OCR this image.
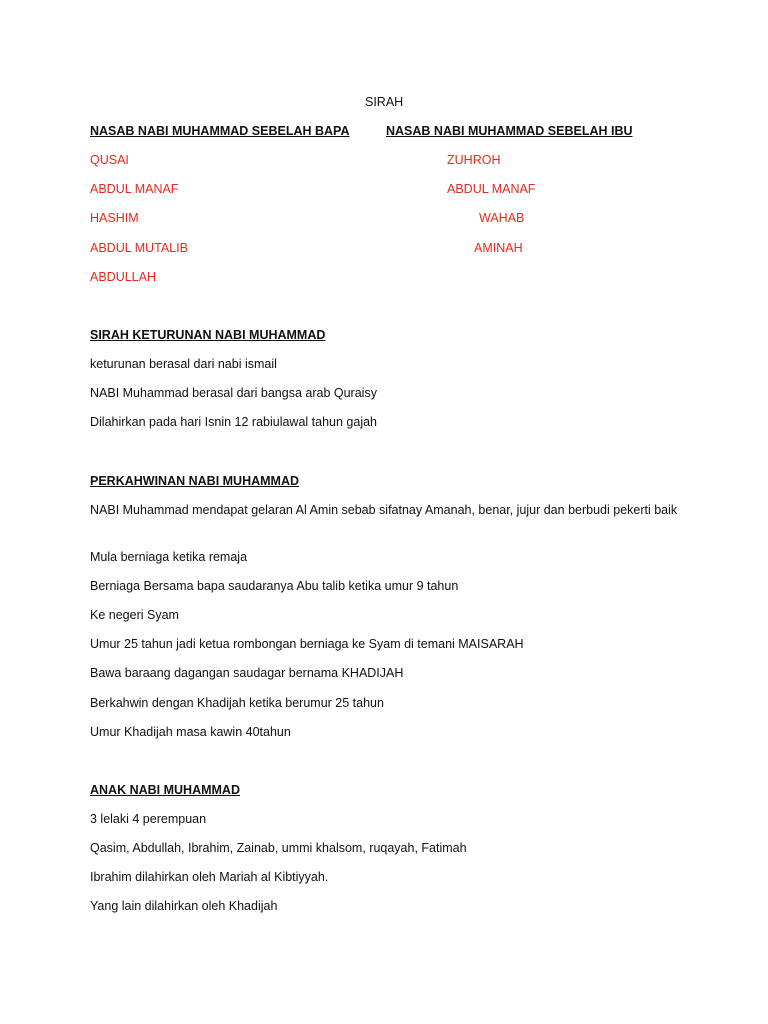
SIRAH
NASAB NABI MUHAMMAD SEBELAH BAPA	NASAB NABI MUHAMMAD SEBELAH IBU
QUSAI
ABDUL MANAF
HASHIM
ABDUL MUTALIB
ABDULLAH
ZUHROH
ABDUL MANAF
WAHAB
AMINAH
SIRAH KETURUNAN NABI MUHAMMAD
keturunan berasal dari nabi ismail
NABI Muhammad berasal dari bangsa arab Quraisy
Dilahirkan pada hari Isnin 12 rabiulawal tahun gajah
PERKAHWINAN NABI MUHAMMAD
NABI Muhammad mendapat gelaran Al Amin sebab sifatnay Amanah, benar, jujur dan berbudi pekerti baik
Mula berniaga ketika remaja
Berniaga Bersama bapa saudaranya Abu talib ketika umur 9 tahun
Ke negeri Syam
Umur 25 tahun jadi ketua rombongan berniaga ke Syam di temani MAISARAH
Bawa baraang dagangan saudagar bernama KHADIJAH
Berkahwin dengan Khadijah ketika berumur 25 tahun
Umur Khadijah masa kawin 40tahun
ANAK NABI MUHAMMAD
3 lelaki 4 perempuan
Qasim, Abdullah, Ibrahim, Zainab, ummi khalsom, ruqayah, Fatimah
Ibrahim dilahirkan oleh Mariah al Kibtiyyah.
Yang lain dilahirkan oleh Khadijah
